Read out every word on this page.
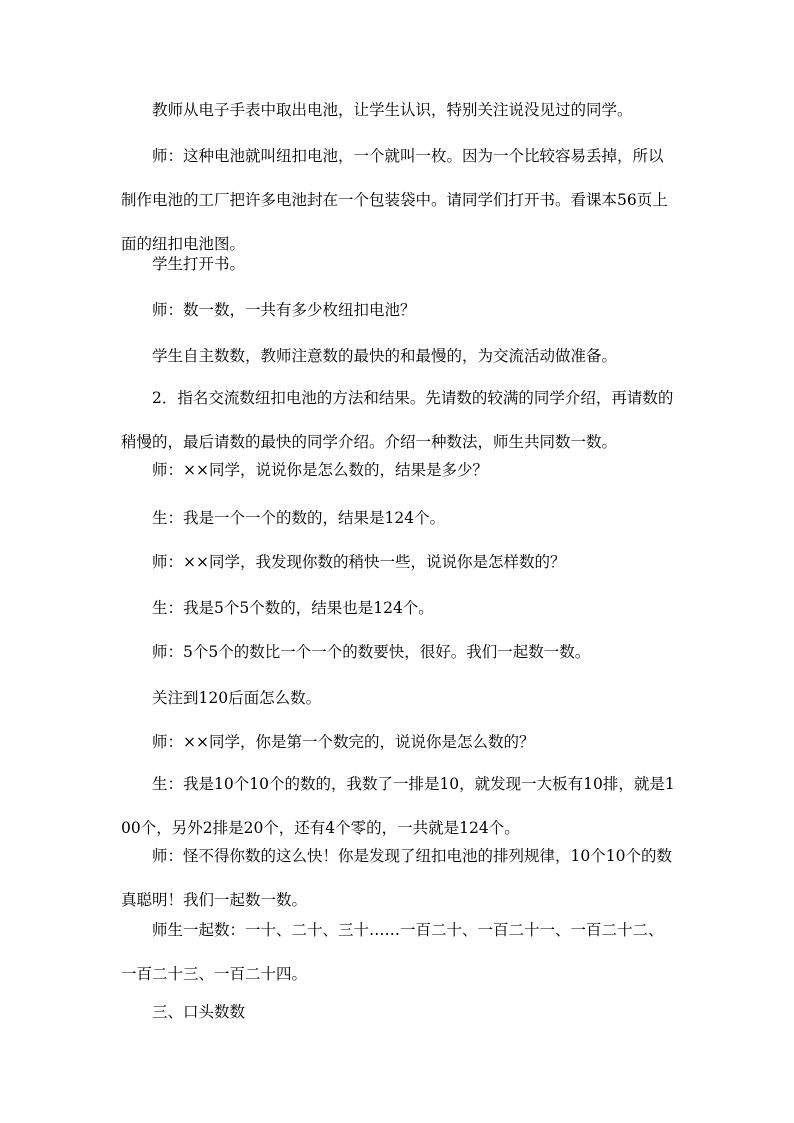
教师从电子手表中取出电池，让学生认识，特别关注说没见过的同学。

师：这种电池就叫纽扣电池，一个就叫一枚。因为一个比较容易丢掉，所以制作电池的工厂把许多电池封在一个包装袋中。请同学们打开书。看课本56页上面的纽扣电池图。

学生打开书。

师：数一数，一共有多少枚纽扣电池？

学生自主数数，教师注意数的最快的和最慢的，为交流活动做准备。

2．指名交流数纽扣电池的方法和结果。先请数的较满的同学介绍，再请数的稍慢的，最后请数的最快的同学介绍。介绍一种数法，师生共同数一数。

师：××同学，说说你是怎么数的，结果是多少？

生：我是一个一个的数的，结果是124个。

师：××同学，我发现你数的稍快一些，说说你是怎样数的？

生：我是5个5个数的，结果也是124个。

师：5个5个的数比一个一个的数要快，很好。我们一起数一数。

关注到120后面怎么数。

师：××同学，你是第一个数完的，说说你是怎么数的？

生：我是10个10个的数的，我数了一排是10，就发现一大板有10排，就是100个，另外2排是20个，还有4个零的，一共就是124个。

师：怪不得你数的这么快！你是发现了纽扣电池的排列规律，10个10个的数真聪明！我们一起数一数。

师生一起数：一十、二十、三十……一百二十、一百二十一、一百二十二、一百二十三、一百二十四。

三、口头数数
